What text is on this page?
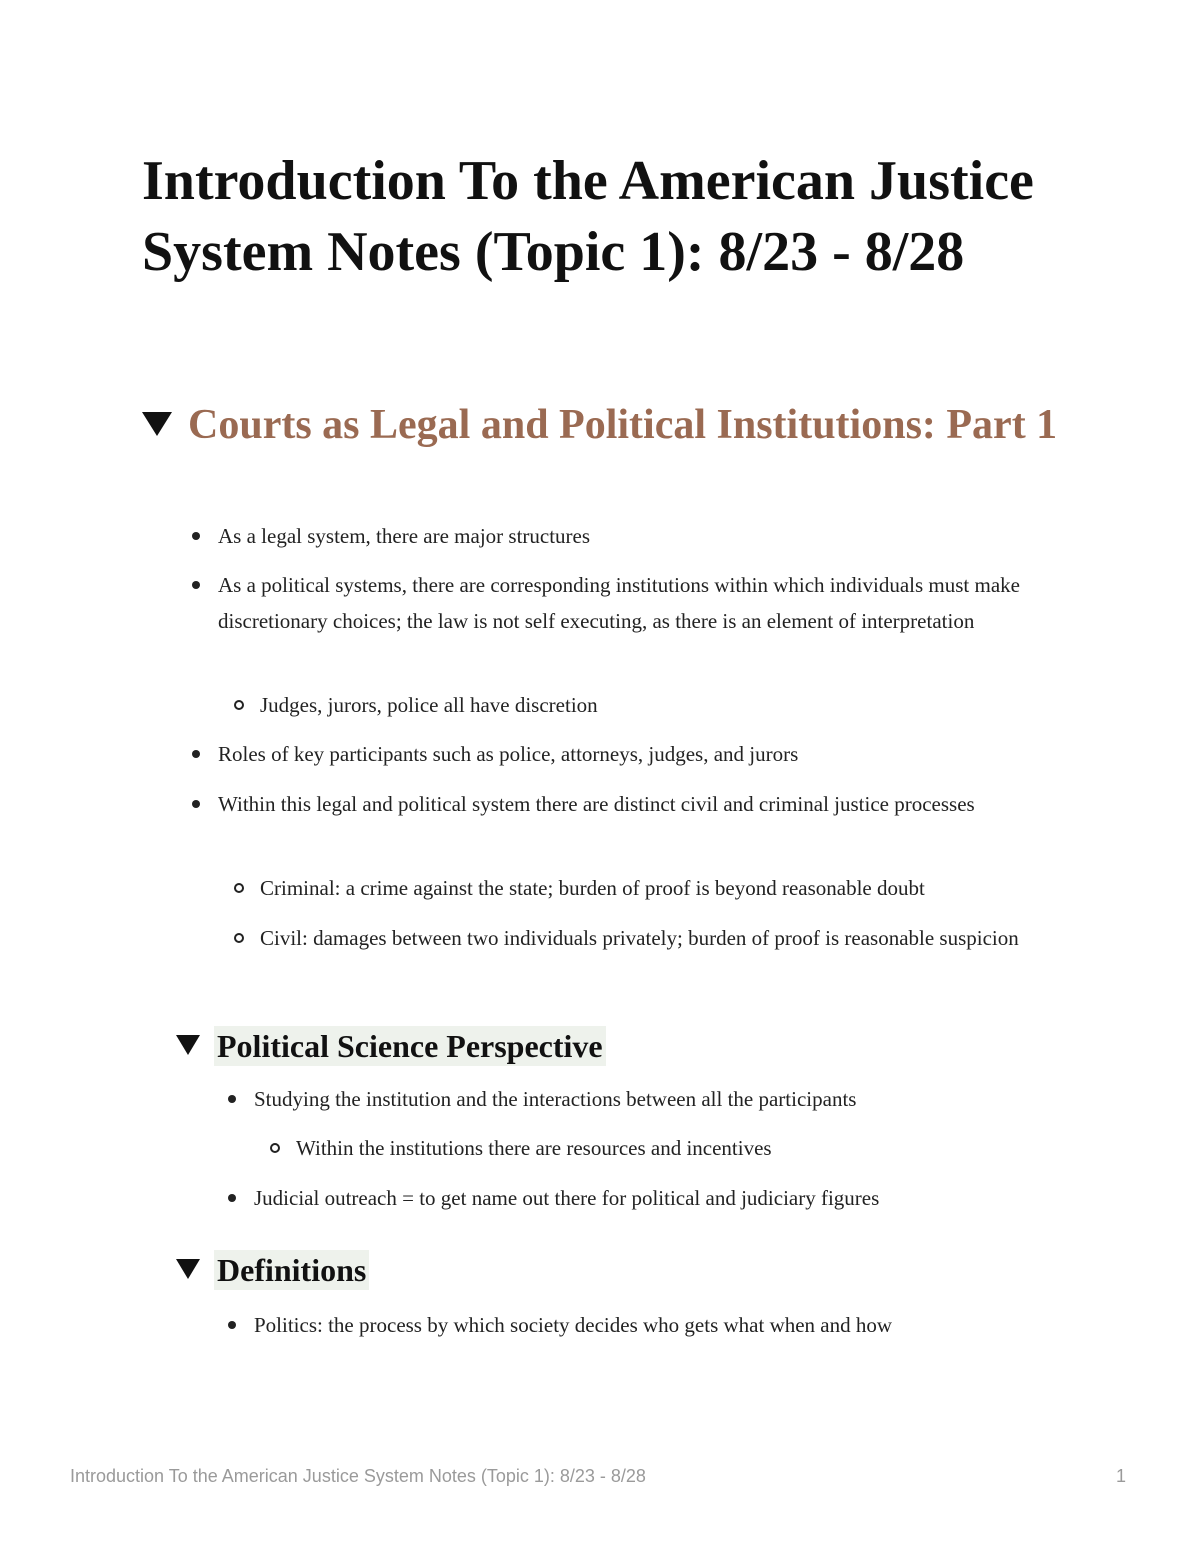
Introduction To the American Justice System Notes (Topic 1): 8/23 - 8/28
Courts as Legal and Political Institutions: Part 1
As a legal system, there are major structures
As a political systems, there are corresponding institutions within which individuals must make discretionary choices; the law is not self executing, as there is an element of interpretation
Judges, jurors, police all have discretion
Roles of key participants such as police, attorneys, judges, and jurors
Within this legal and political system there are distinct civil and criminal justice processes
Criminal: a crime against the state; burden of proof is beyond reasonable doubt
Civil: damages between two individuals privately; burden of proof is reasonable suspicion
Political Science Perspective
Studying the institution and the interactions between all the participants
Within the institutions there are resources and incentives
Judicial outreach = to get name out there for political and judiciary figures
Definitions
Politics: the process by which society decides who gets what when and how

Introduction To the American Justice System Notes (Topic 1): 8/23 - 8/28	1
